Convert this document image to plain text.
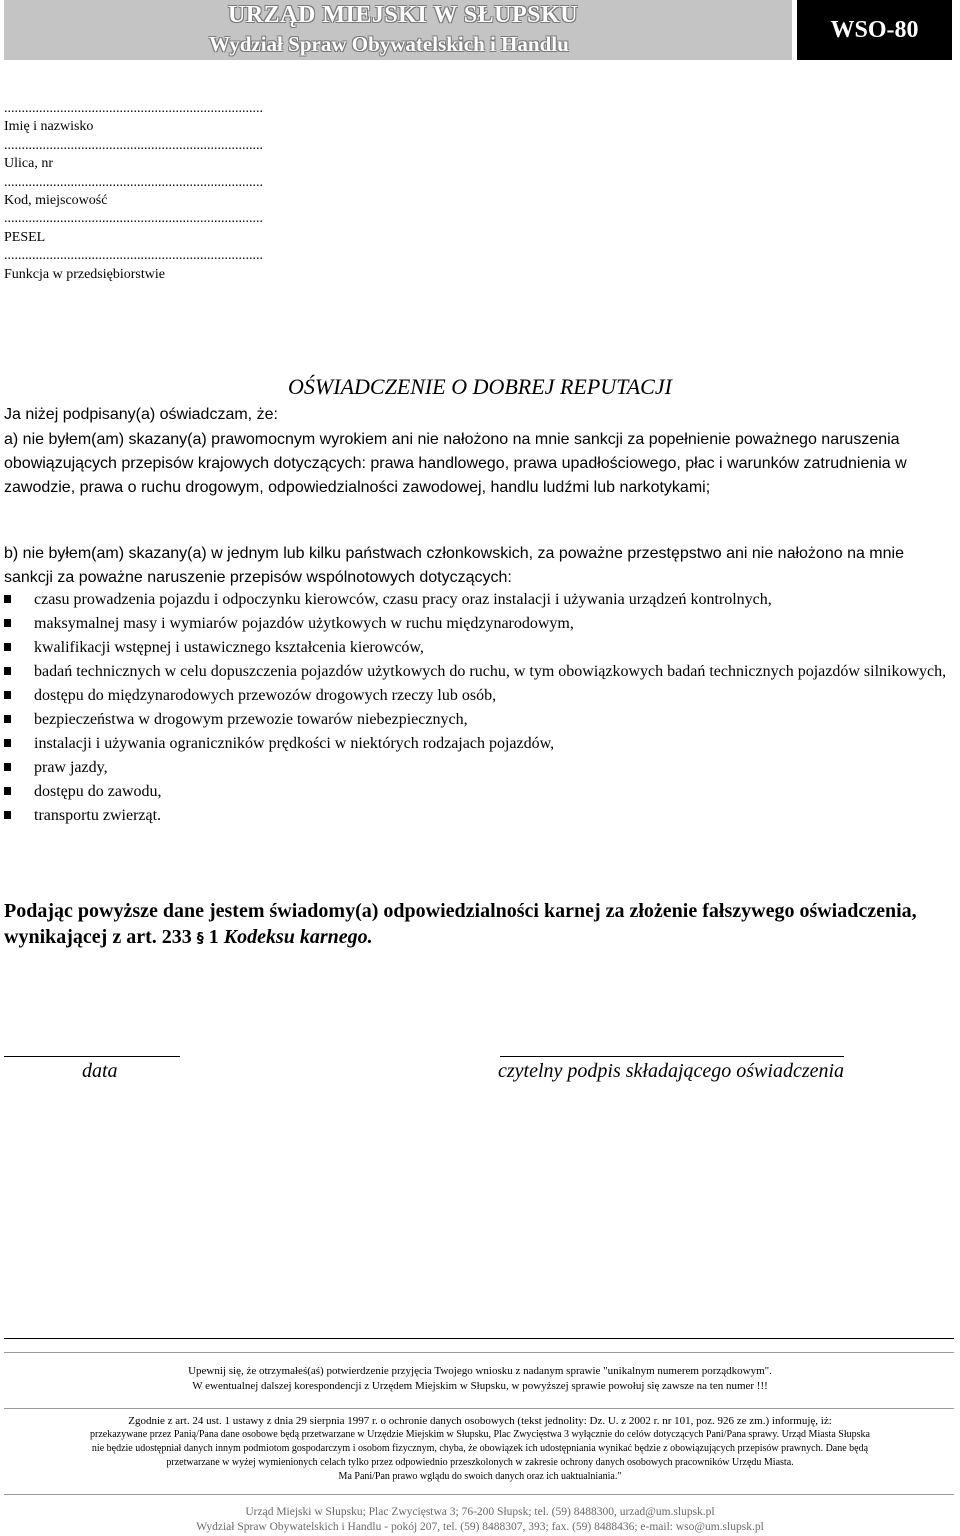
URZĄD MIEJSKI W SŁUPSKU

Wydział Spraw Obywatelskich i Handlu

WSO-80
..........................................................................
Imię i nazwisko
..........................................................................
Ulica, nr
..........................................................................
Kod, miejscowość
..........................................................................
PESEL
..........................................................................
Funkcja w przedsiębiorstwie
OŚWIADCZENIE O DOBREJ REPUTACJI

Ja niżej podpisany(a) oświadczam, że:

a) nie byłem(am) skazany(a) prawomocnym wyrokiem ani nie nałożono na mnie sankcji za popełnienie poważnego naruszenia obowiązujących przepisów krajowych dotyczących: prawa handlowego, prawa upadłościowego, płac i warunków zatrudnienia w zawodzie, prawa o ruchu drogowym, odpowiedzialności zawodowej, handlu ludźmi lub narkotykami;

b) nie byłem(am) skazany(a) w jednym lub kilku państwach członkowskich, za poważne przestępstwo ani nie nałożono na mnie sankcji za poważne naruszenie przepisów wspólnotowych dotyczących:

czasu prowadzenia pojazdu i odpoczynku kierowców, czasu pracy oraz instalacji i używania urządzeń kontrolnych,
maksymalnej masy i wymiarów pojazdów użytkowych w ruchu międzynarodowym,
kwalifikacji wstępnej i ustawicznego kształcenia kierowców,
badań technicznych w celu dopuszczenia pojazdów użytkowych do ruchu, w tym obowiązkowych badań technicznych pojazdów silnikowych,
dostępu do międzynarodowych przewozów drogowych rzeczy lub osób,
bezpieczeństwa w drogowym przewozie towarów niebezpiecznych,
instalacji i używania ograniczników prędkości w niektórych rodzajach pojazdów,
praw jazdy,
dostępu do zawodu,
transportu zwierząt.

Podając powyższe dane jestem świadomy(a) odpowiedzialności karnej za złożenie fałszywego oświadczenia, wynikającej z art. 233 § 1 Kodeksu karnego.

data	czytelny podpis składającego oświadczenia

Upewnij się, że otrzymałeś(aś) potwierdzenie przyjęcia Twojego wniosku z nadanym sprawie "unikalnym numerem porządkowym".

W ewentualnej dalszej korespondencji z Urzędem Miejskim w Słupsku, w powyższej sprawie powołuj się zawsze na ten numer !!!

Zgodnie z art. 24 ust. 1 ustawy z dnia 29 sierpnia 1997 r. o ochronie danych osobowych (tekst jednolity: Dz. U. z 2002 r. nr 101, poz. 926 ze zm.) informuję, iż:

przekazywane przez Panią/Pana dane osobowe będą przetwarzane w Urzędzie Miejskim w Słupsku, Plac Zwycięstwa 3 wyłącznie do celów dotyczących Pani/Pana sprawy. Urząd Miasta Słupska

nie będzie udostępniał danych innym podmiotom gospodarczym i osobom fizycznym, chyba, że obowiązek ich udostępniania wynikać będzie z obowiązujących przepisów prawnych. Dane będą

przetwarzane w wyżej wymienionych celach tylko przez odpowiednio przeszkolonych w zakresie ochrony danych osobowych pracowników Urzędu Miasta.

Ma Pani/Pan prawo wglądu do swoich danych oraz ich uaktualniania."

Urząd Miejski w Słupsku; Plac Zwycięstwa 3; 76-200 Słupsk; tel. (59) 8488300, urzad@um.slupsk.pl

Wydział Spraw Obywatelskich i Handlu - pokój 207, tel. (59) 8488307, 393; fax. (59) 8488436; e-mail: wso@um.slupsk.pl
